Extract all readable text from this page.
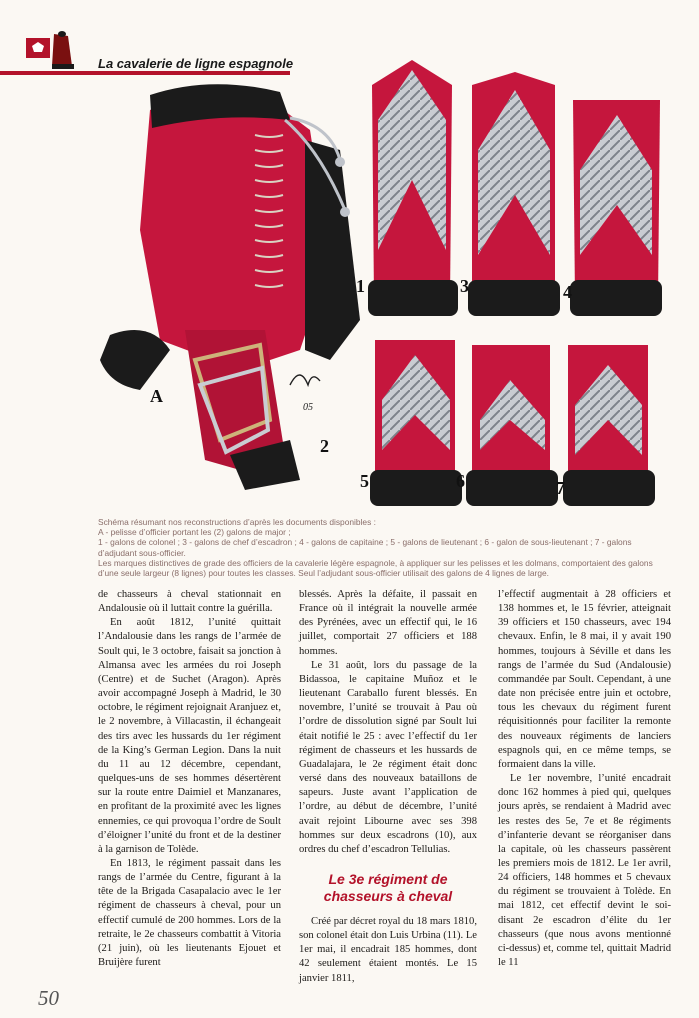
La cavalerie de ligne espagnole
05
A
1
2
3	4
5	6	7

Schéma résumant nos reconstructions d’après les documents disponibles :

A - pelisse d’officier portant les (2) galons de major ;

1 - galons de colonel ; 3 - galons de chef d’escadron ; 4 - galons de capitaine ; 5 - galons de lieutenant ; 6 - galon de sous-lieutenant ; 7 - galons d’adjudant sous-officier.

Les marques distinctives de grade des officiers de la cavalerie légère espagnole, à appliquer sur les pelisses et les dolmans, comportaient des galons d’une seule largeur (8 lignes) pour toutes les classes. Seul l’adjudant sous-officier utilisait des galons de 4 lignes de large.

de chasseurs à cheval stationnait en Andalousie où il luttait contre la guérilla.

En août 1812, l’unité quittait l’Andalousie dans les rangs de l’armée de Soult qui, le 3 octobre, faisait sa jonction à Almansa avec les armées du roi Joseph (Centre) et de Suchet (Aragon). Après avoir accompagné Joseph à Madrid, le 30 octobre, le régiment rejoignait Aranjuez et, le 2 novembre, à Villacastin, il échangeait des tirs avec les hussards du 1er régiment de la King’s German Legion. Dans la nuit du 11 au 12 décembre, cependant, quelques-uns de ses hommes désertèrent sur la route entre Daimiel et Manzanares, en profitant de la proximité avec les lignes ennemies, ce qui provoqua l’ordre de Soult d’éloigner l’unité du front et de la destiner à la garnison de Tolède.

En 1813, le régiment passait dans les rangs de l’armée du Centre, figurant à la tête de la Brigada Casapalacio avec le 1er régiment de chasseurs à cheval, pour un effectif cumulé de 200 hommes. Lors de la retraite, le 2e chasseurs combattit à Vitoria (21 juin), où les lieutenants Ejouet et Bruijère furent

blessés. Après la défaite, il passait en France où il intégrait la nouvelle armée des Pyrénées, avec un effectif qui, le 16 juillet, comportait 27 officiers et 188 hommes.

Le 31 août, lors du passage de la Bidassoa, le capitaine Muñoz et le lieutenant Caraballo furent blessés. En novembre, l’unité se trouvait à Pau où l’ordre de dissolution signé par Soult lui était notifié le 25 : avec l’effectif du 1er régiment de chasseurs et les hussards de Guadalajara, le 2e régiment était donc versé dans des nouveaux bataillons de sapeurs. Juste avant l’application de l’ordre, au début de décembre, l’unité avait rejoint Libourne avec ses 398 hommes sur deux escadrons (10), aux ordres du chef d’escadron Tellulias.

Le 3e régiment de chasseurs à cheval

Créé par décret royal du 18 mars 1810, son colonel était don Luis Urbina (11). Le 1er mai, il encadrait 185 hommes, dont 42 seulement étaient montés. Le 15 janvier 1811,

l’effectif augmentait à 28 officiers et 138 hommes et, le 15 février, atteignait 39 officiers et 150 chasseurs, avec 194 chevaux. Enfin, le 8 mai, il y avait 190 hommes, toujours à Séville et dans les rangs de l’armée du Sud (Andalousie) commandée par Soult. Cependant, à une date non précisée entre juin et octobre, tous les chevaux du régiment furent réquisitionnés pour faciliter la remonte des nouveaux régiments de lanciers espagnols qui, en ce même temps, se formaient dans la ville.

Le 1er novembre, l’unité encadrait donc 162 hommes à pied qui, quelques jours après, se rendaient à Madrid avec les restes des 5e, 7e et 8e régiments d’infanterie devant se réorganiser dans la capitale, où les chasseurs passèrent les premiers mois de 1812. Le 1er avril, 24 officiers, 148 hommes et 5 chevaux du régiment se trouvaient à Tolède. En mai 1812, cet effectif devint le soi-disant 2e escadron d’élite du 1er chasseurs (que nous avons mentionné ci-dessus) et, comme tel, quittait Madrid le 11

50
